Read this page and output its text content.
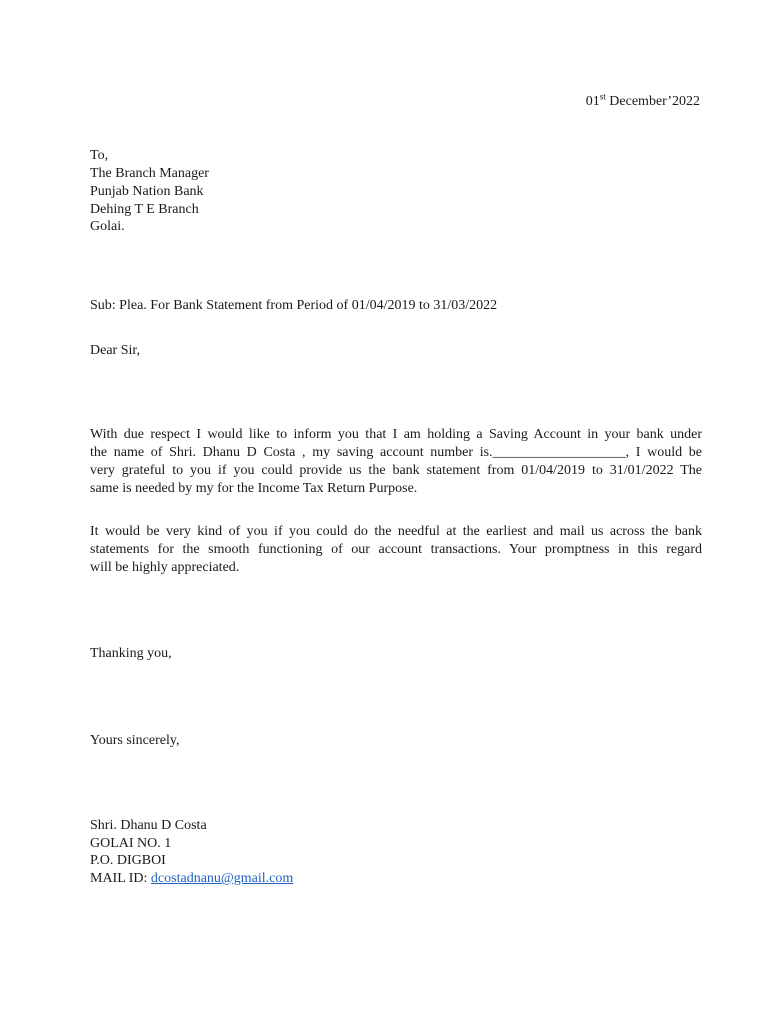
01st December’2022
To,
The Branch Manager
Punjab Nation Bank
Dehing T E Branch
Golai.
Sub: Plea. For Bank Statement from Period of 01/04/2019 to 31/03/2022
Dear Sir,
With due respect I would like to inform you that I am holding a Saving Account in your bank under
the name of Shri. Dhanu D Costa , my saving account number is.___________________, I would be
very grateful to you if you could provide us the bank statement from 01/04/2019 to 31/01/2022 The
same is needed by my for the Income Tax Return Purpose.
It would be very kind of you if you could do the needful at the earliest and mail us across the bank
statements for the smooth functioning of our account transactions. Your promptness in this regard
will be highly appreciated.
Thanking you,
Yours sincerely,
Shri. Dhanu D Costa
GOLAI NO. 1
P.O. DIGBOI
MAIL ID: dcostadnanu@gmail.com
